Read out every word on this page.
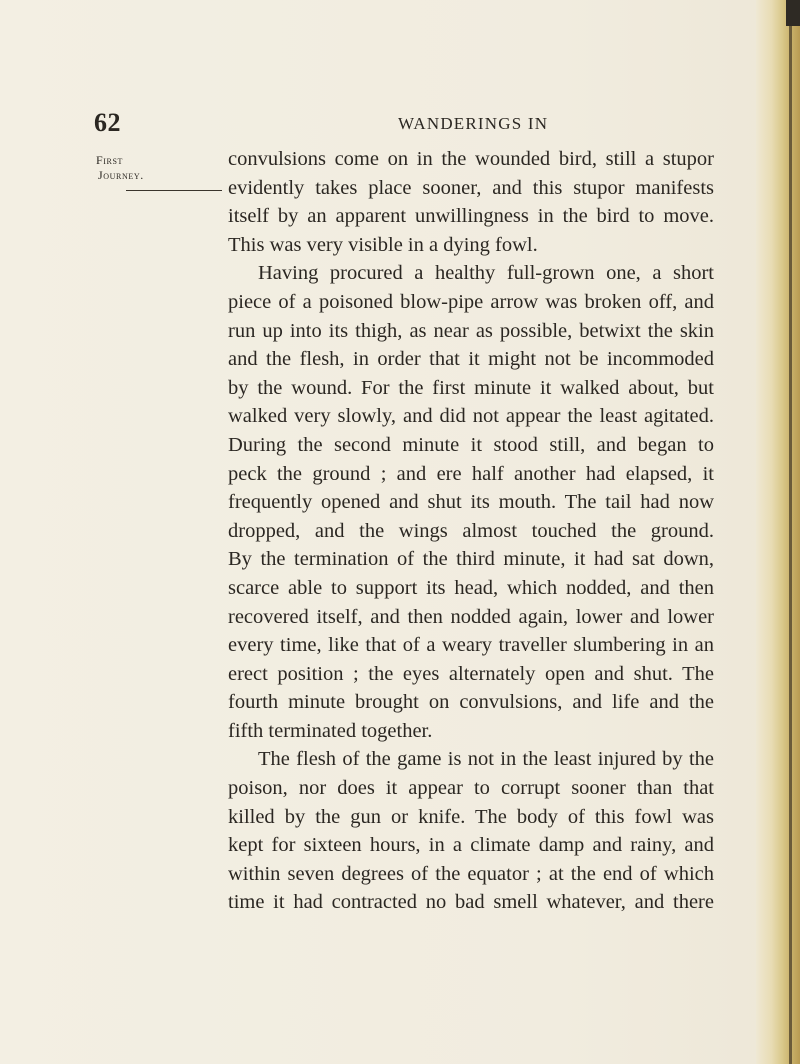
62	WANDERINGS IN
First
Journey.
convulsions come on in the wounded bird, still a stupor
evidently takes place sooner, and this stupor manifests
itself by an apparent unwillingness in the bird to move.
This was very visible in a dying fowl.
Having procured a healthy full-grown one, a short
piece of a poisoned blow-pipe arrow was broken off, and
run up into its thigh, as near as possible, betwixt the skin
and the flesh, in order that it might not be incommoded
by the wound. For the first minute it walked about, but
walked very slowly, and did not appear the least agitated.
During the second minute it stood still, and began to
peck the ground ; and ere half another had elapsed, it
frequently opened and shut its mouth. The tail had now
dropped, and the wings almost touched the ground.
By the termination of the third minute, it had sat down,
scarce able to support its head, which nodded, and then
recovered itself, and then nodded again, lower and lower
every time, like that of a weary traveller slumbering in an
erect position ; the eyes alternately open and shut. The
fourth minute brought on convulsions, and life and the
fifth terminated together.
The flesh of the game is not in the least injured by the
poison, nor does it appear to corrupt sooner than that
killed by the gun or knife. The body of this fowl was
kept for sixteen hours, in a climate damp and rainy, and
within seven degrees of the equator ; at the end of which
time it had contracted no bad smell whatever, and there
